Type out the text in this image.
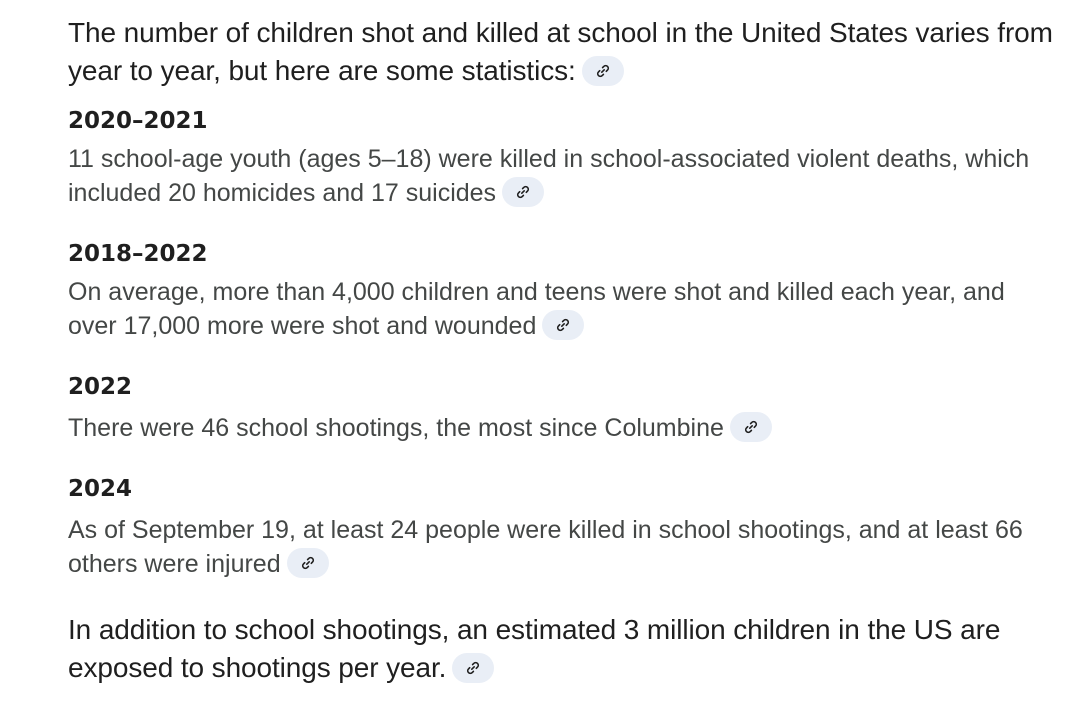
The number of children shot and killed at school in the United States varies from year to year, but here are some statistics:

2020–2021

11 school-age youth (ages 5–18) were killed in school-associated violent deaths, which included 20 homicides and 17 suicides

2018–2022

On average, more than 4,000 children and teens were shot and killed each year, and over 17,000 more were shot and wounded

2022

There were 46 school shootings, the most since Columbine

2024

As of September 19, at least 24 people were killed in school shootings, and at least 66 others were injured

In addition to school shootings, an estimated 3 million children in the US are exposed to shootings per year.
